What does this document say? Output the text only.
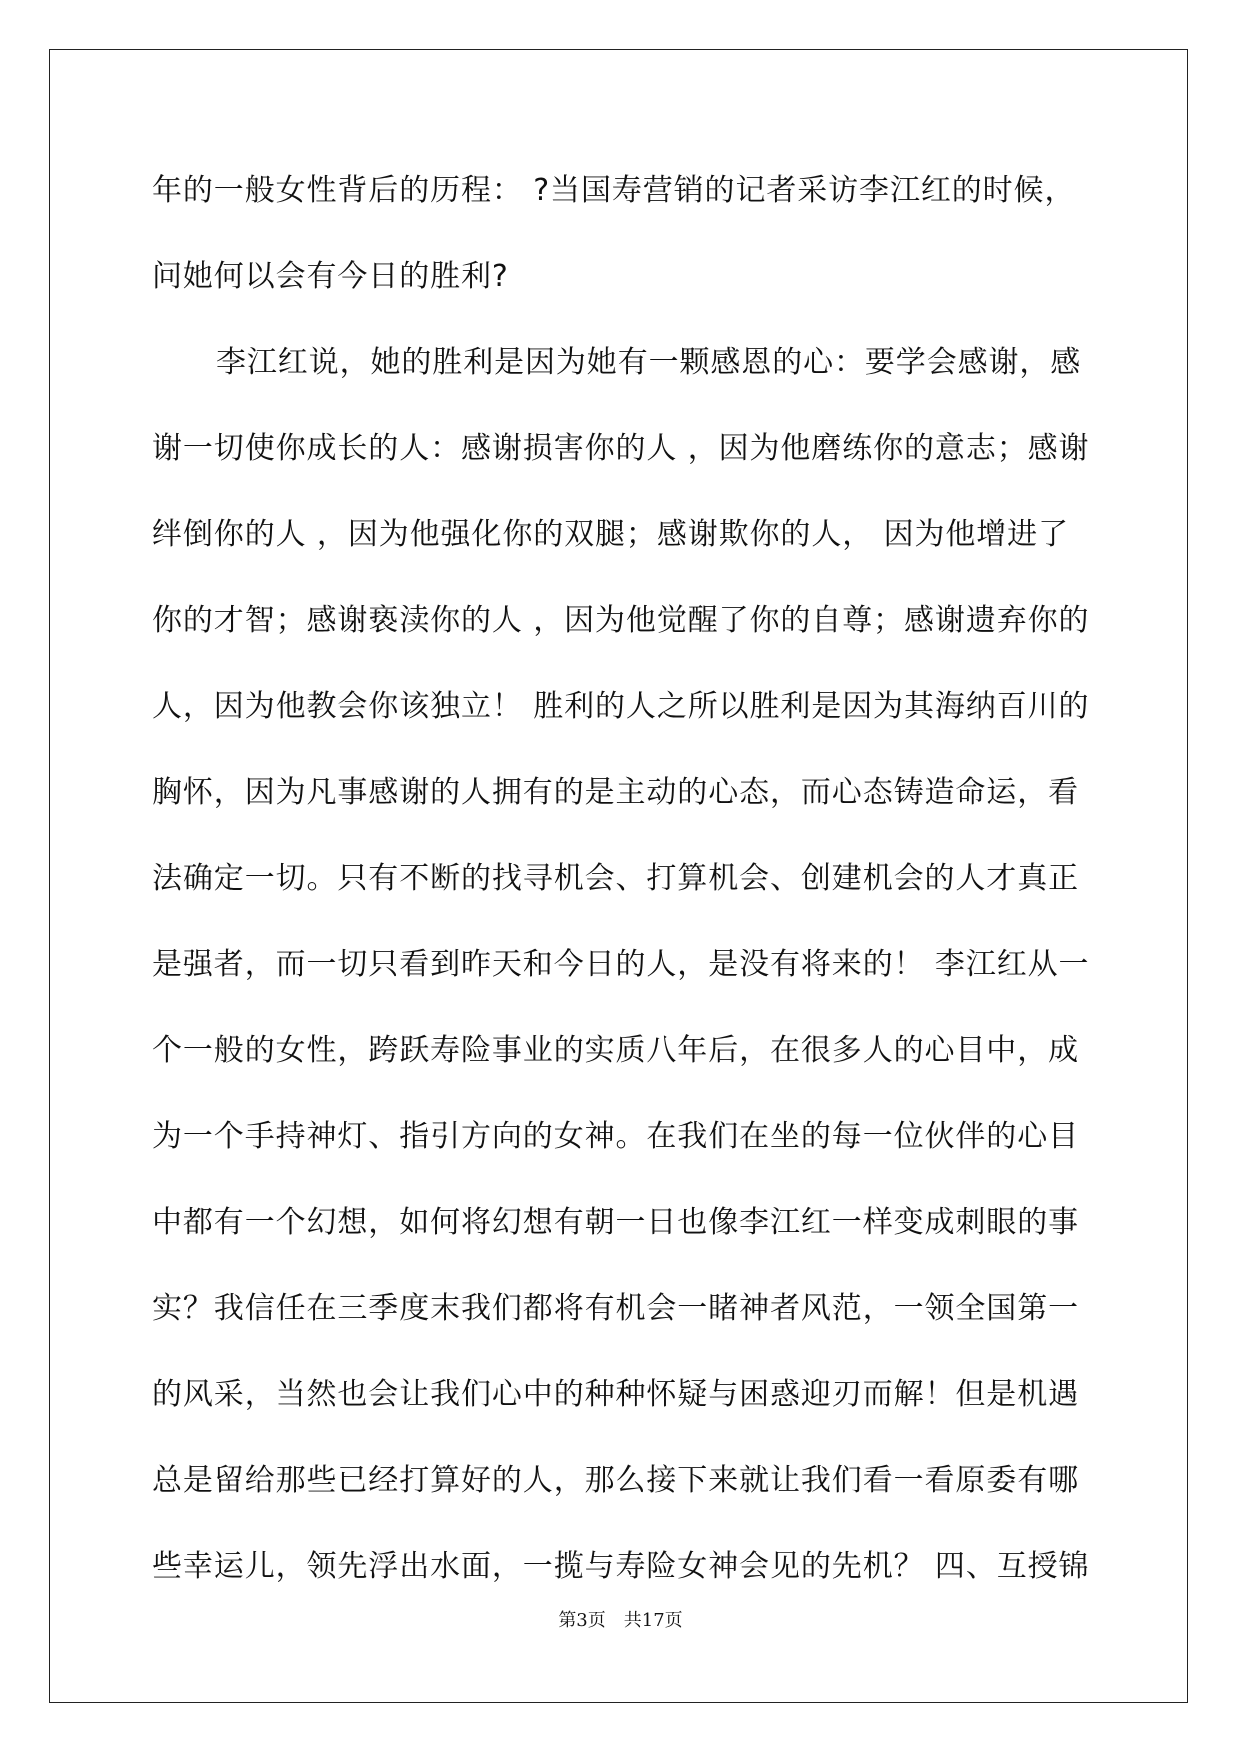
年的一般女性背后的历程： ?当国寿营销的记者采访李江红的时候，
问她何以会有今日的胜利?
李江红说，她的胜利是因为她有一颗感恩的心：要学会感谢，感
谢一切使你成长的人：感谢损害你的人 ，因为他磨练你的意志；感谢
绊倒你的人 ，因为他强化你的双腿；感谢欺你的人， 因为他增进了
你的才智；感谢亵渎你的人 ，因为他觉醒了你的自尊；感谢遗弃你的
人，因为他教会你该独立！ 胜利的人之所以胜利是因为其海纳百川的
胸怀，因为凡事感谢的人拥有的是主动的心态，而心态铸造命运，看
法确定一切。只有不断的找寻机会、打算机会、创建机会的人才真正
是强者，而一切只看到昨天和今日的人，是没有将来的！ 李江红从一
个一般的女性，跨跃寿险事业的实质八年后，在很多人的心目中，成
为一个手持神灯、指引方向的女神。在我们在坐的每一位伙伴的心目
中都有一个幻想，如何将幻想有朝一日也像李江红一样变成刺眼的事
实？我信任在三季度末我们都将有机会一睹神者风范，一领全国第一
的风采，当然也会让我们心中的种种怀疑与困惑迎刃而解！但是机遇
总是留给那些已经打算好的人，那么接下来就让我们看一看原委有哪
些幸运儿，领先浮出水面，一揽与寿险女神会见的先机？ 四、互授锦
第3页　共17页
